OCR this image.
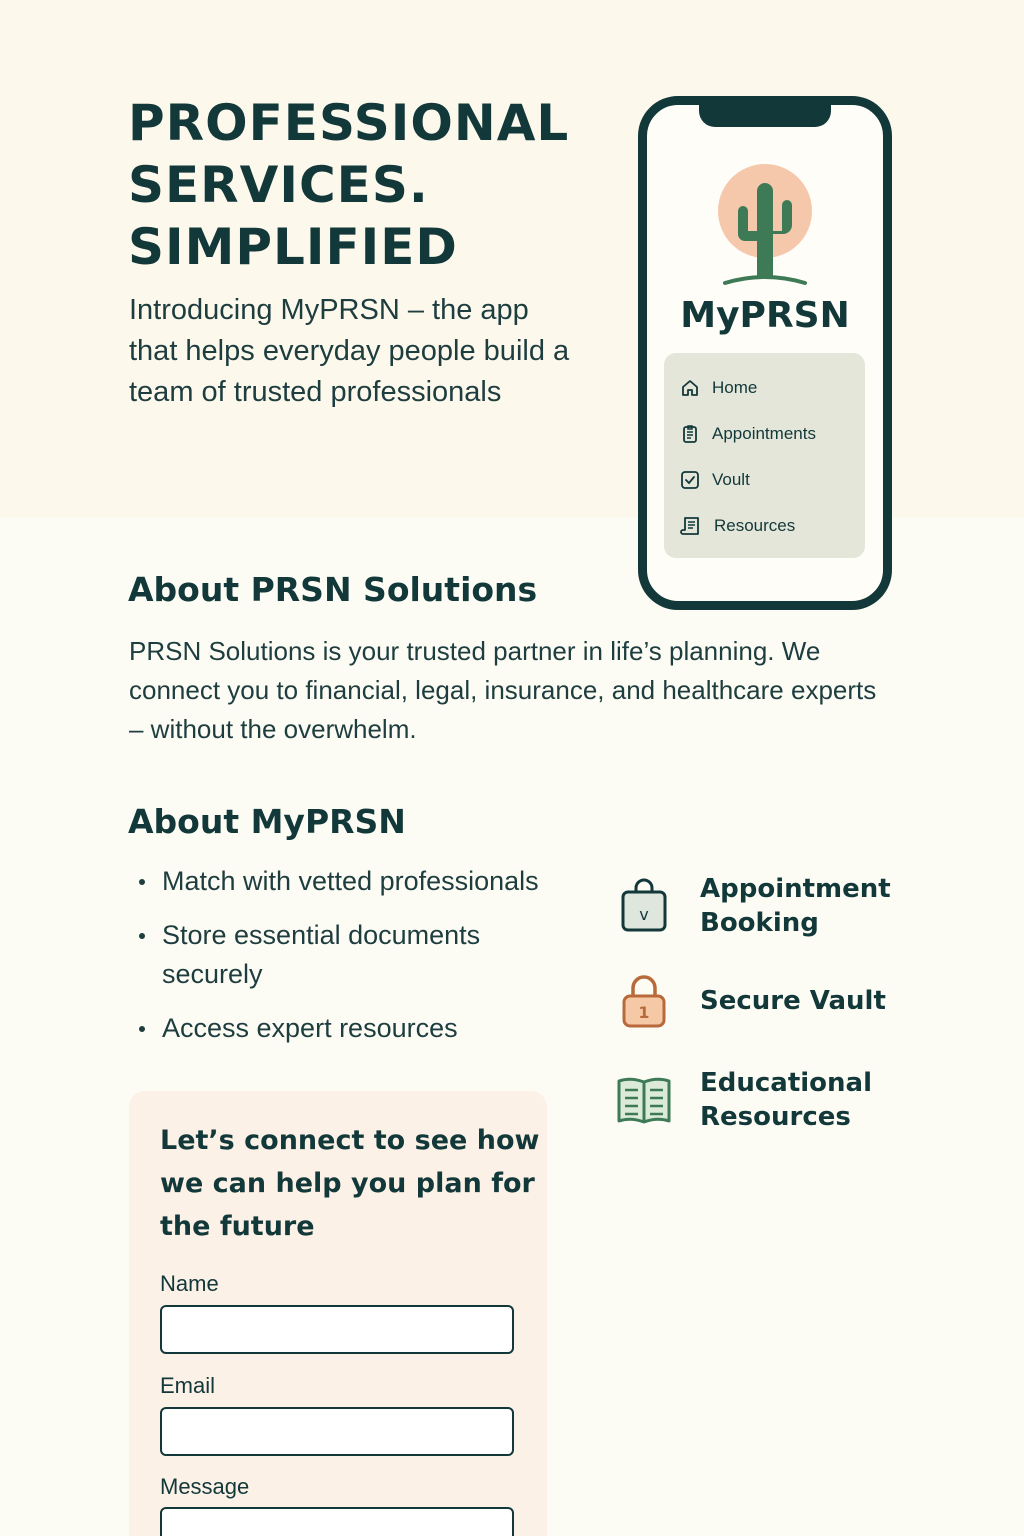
PROFESSIONAL
SERVICES.
SIMPLIFIED

Introducing MyPRSN – the app that helps everyday people build a team of trusted professionals

MyPRSN
Home
Appointments
Voult
Resources
About PRSN Solutions

PRSN Solutions is your trusted partner in life’s planning. We connect you to financial, legal, insurance, and healthcare experts – without the overwhelm.

About MyPRSN
Match with vetted professionals
Store essential documents securely
Access expert resources
v
Appointment Booking
1 Secure Vault
Educational Resources
Let’s connect to see how we can help you plan for the future
Name
Email
Message
